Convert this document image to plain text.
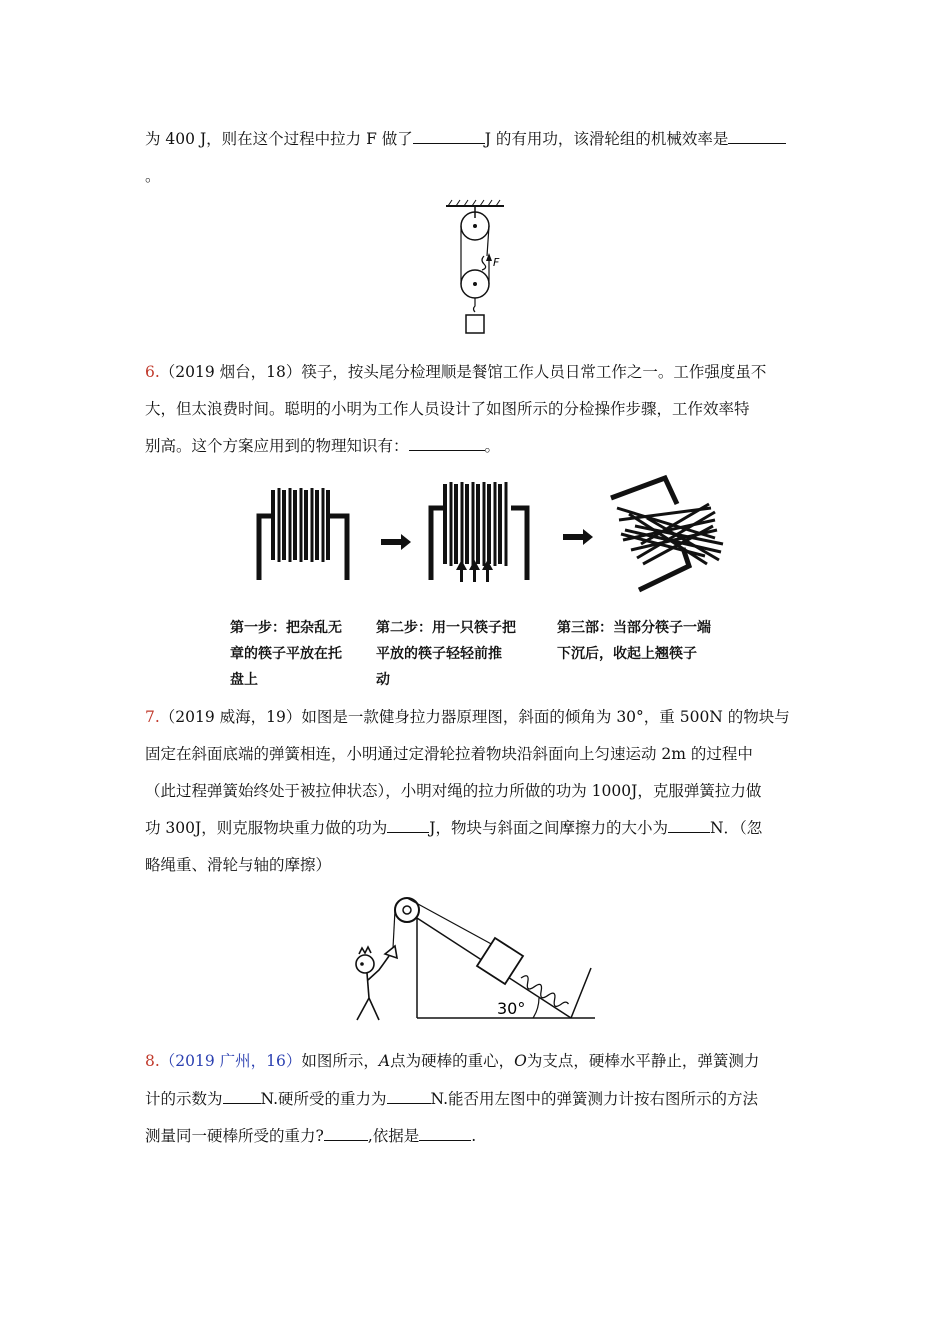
为 400 J，则在这个过程中拉力 F 做了	J 的有用功，该滑轮组的机械效率是
。
F
6.（2019 烟台，18）筷子，按头尾分检理顺是餐馆工作人员日常工作之一。工作强度虽不
大，但太浪费时间。聪明的小明为工作人员设计了如图所示的分检操作步骤，工作效率特
别高。这个方案应用到的物理知识有：	。
第一步：把杂乱无
章的筷子平放在托
盘上
第二步：用一只筷子把
平放的筷子轻轻前推
动
第三部：当部分筷子一端
下沉后，收起上翘筷子
7.（2019 威海，19）如图是一款健身拉力器原理图，斜面的倾角为 30°，重 500N 的物块与
固定在斜面底端的弹簧相连，小明通过定滑轮拉着物块沿斜面向上匀速运动 2m 的过程中
（此过程弹簧始终处于被拉伸状态），小明对绳的拉力所做的功为 1000J，克服弹簧拉力做
功 300J，则克服物块重力做的功为	J，物块与斜面之间摩擦力的大小为	N．（忽
略绳重、滑轮与轴的摩擦）
30°
8.（2019 广州，16）如图所示，A点为硬棒的重心，O为支点，硬棒水平静止，弹簧测力
计的示数为 N.硬所受的重力为	N.能否用左图中的弹簧测力计按右图所示的方法
测量同一硬棒所受的重力?	,依据是	.
